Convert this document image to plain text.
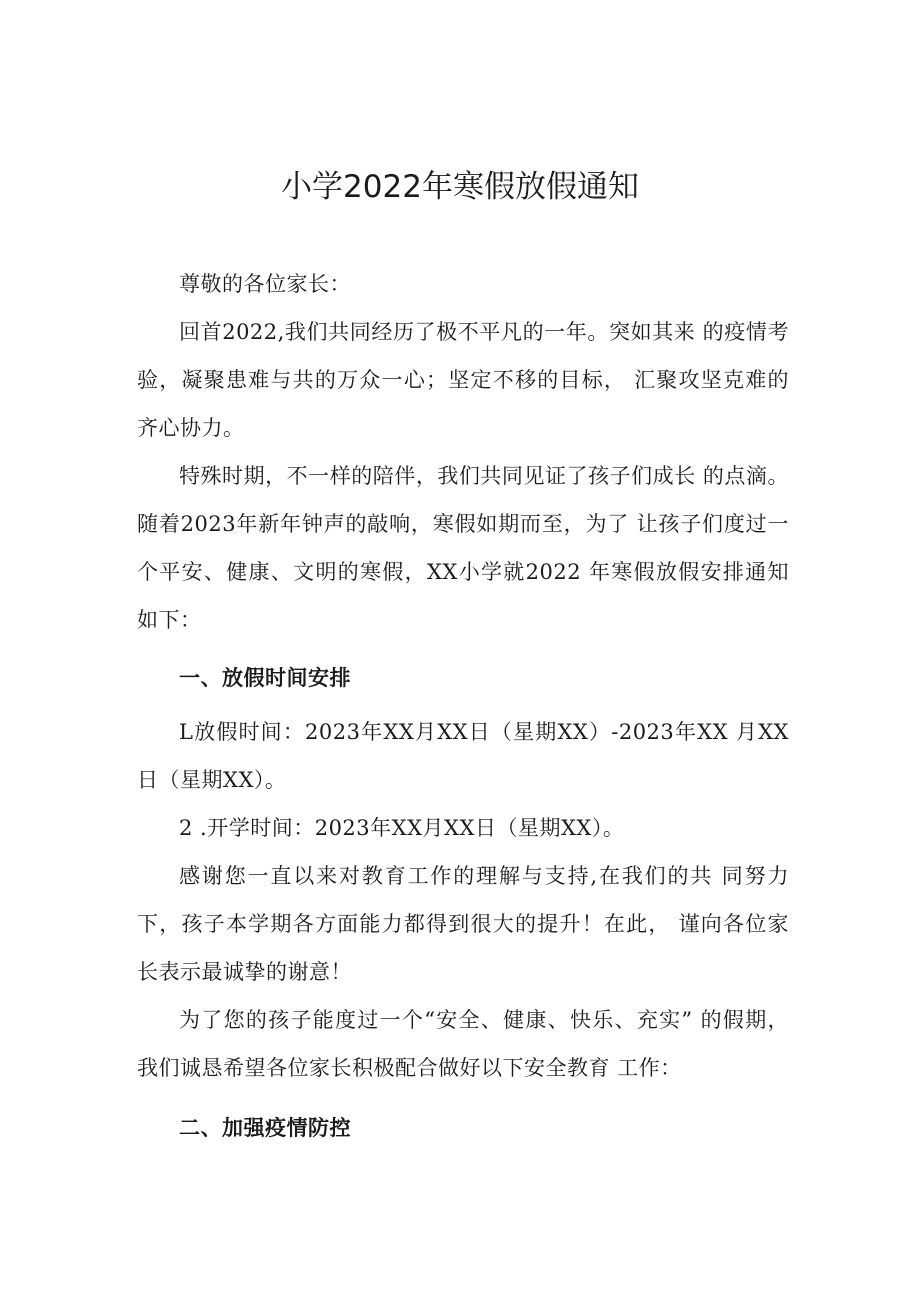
小学2022年寒假放假通知

尊敬的各位家长：

回首2022,我们共同经历了极不平凡的一年。突如其来 的疫情考验，凝聚患难与共的万众一心；坚定不移的目标， 汇聚攻坚克难的齐心协力。

特殊时期，不一样的陪伴，我们共同见证了孩子们成长 的点滴。随着2023年新年钟声的敲响，寒假如期而至，为了 让孩子们度过一个平安、健康、文明的寒假，XX小学就2022 年寒假放假安排通知如下：

一、放假时间安排

L放假时间：2023年XX月XX日（星期XX）-2023年XX 月XX日（星期XX）。

2 .开学时间：2023年XX月XX日（星期XX）。

感谢您一直以来对教育工作的理解与支持,在我们的共 同努力下，孩子本学期各方面能力都得到很大的提升！在此， 谨向各位家长表示最诚挚的谢意！

为了您的孩子能度过一个“安全、健康、快乐、充实” 的假期，我们诚恳希望各位家长积极配合做好以下安全教育 工作：

二、加强疫情防控
